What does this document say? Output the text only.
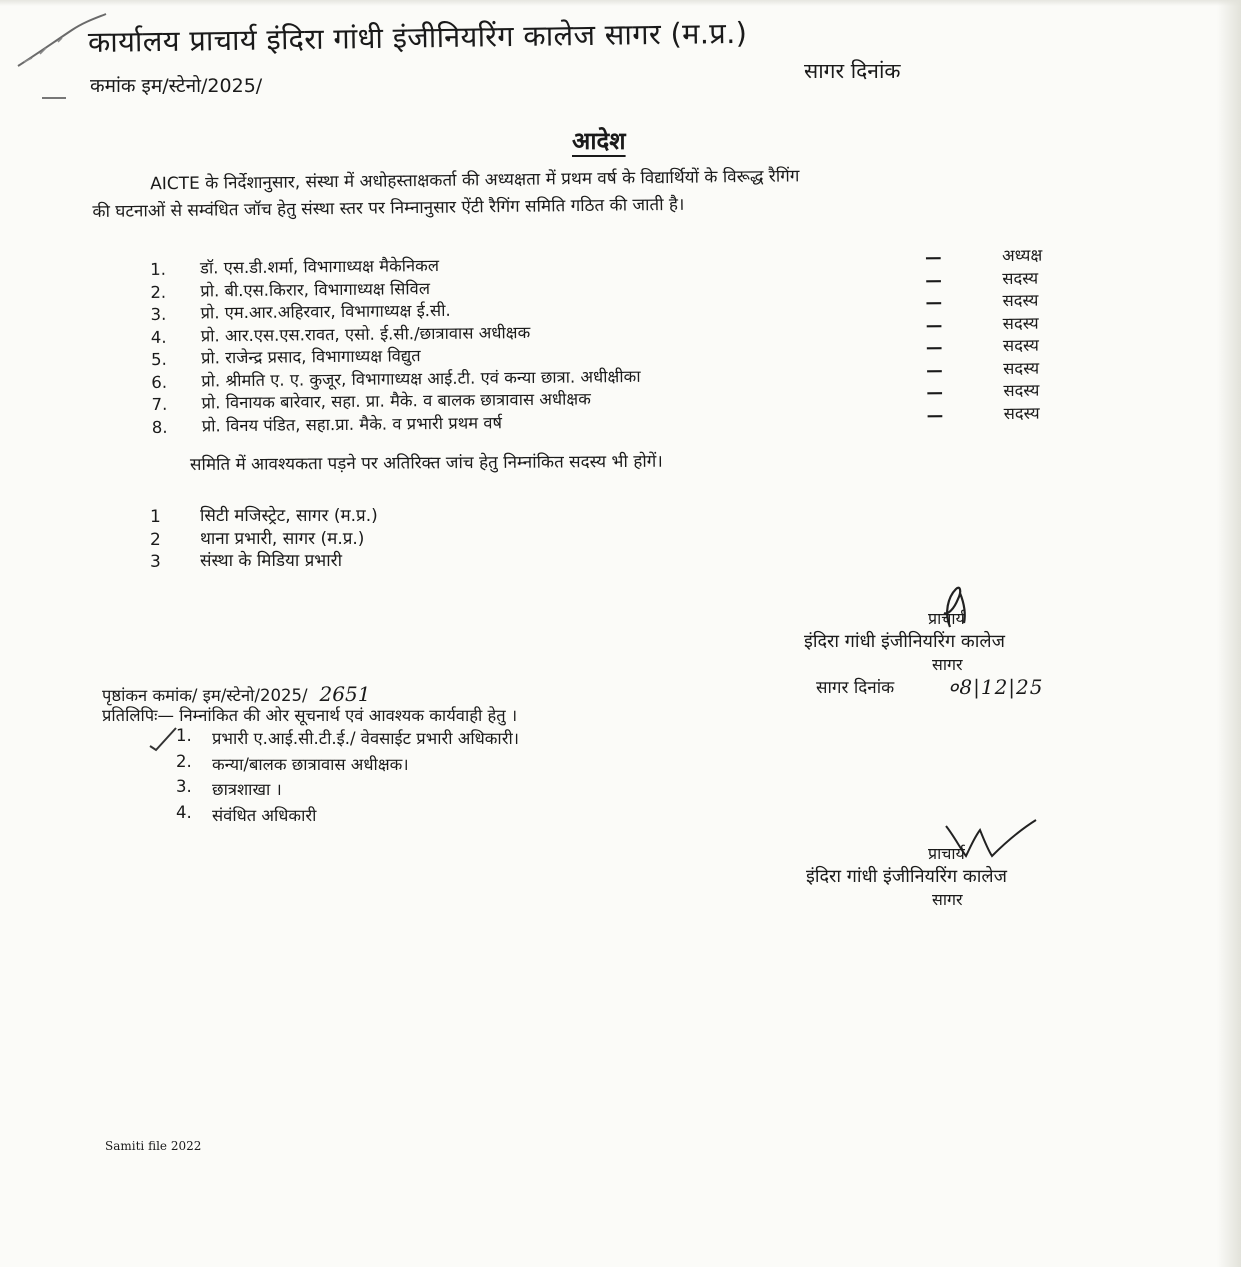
कार्यालय प्राचार्य इंदिरा गांधी इंजीनियरिंग कालेज सागर (म.प्र.)
कमांक इम/स्टेनो/2025/
सागर दिनांक
आदेश

AICTE के निर्देशानुसार, संस्था में अधोहस्ताक्षकर्ता की अध्यक्षता में प्रथम वर्ष के विद्यार्थियों के विरूद्ध रैगिंग

की घटनाओं से सम्वंधित जॉच हेतु संस्था स्तर पर निम्नानुसार ऐंटी रैगिंग समिति गठित की जाती है।

1.	डॉ. एस.डी.शर्मा, विभागाध्यक्ष मैकेनिकल	—	अध्यक्ष
2.	प्रो. बी.एस.किरार, विभागाध्यक्ष सिविल	—	सदस्य
3.	प्रो. एम.आर.अहिरवार, विभागाध्यक्ष ई.सी.	—	सदस्य
4.	प्रो. आर.एस.एस.रावत, एसो. ई.सी./छात्रावास अधीक्षक	—	सदस्य
5.	प्रो. राजेन्द्र प्रसाद, विभागाध्यक्ष विद्युत	—	सदस्य
6.	प्रो. श्रीमति ए. ए. कुजूर, विभागाध्यक्ष आई.टी. एवं कन्या छात्रा. अधीक्षीका	—	सदस्य
7.	प्रो. विनायक बारेवार, सहा. प्रा. मैके. व बालक छात्रावास अधीक्षक	—	सदस्य
8.	प्रो. विनय पंडित, सहा.प्रा. मैके. व प्रभारी प्रथम वर्ष	—	सदस्य
समिति में आवश्यकता पड़ने पर अतिरिक्त जांच हेतु निम्नांकित सदस्य भी होगें।
1 सिटी मजिस्ट्रेट, सागर (म.प्र.)
2 थाना प्रभारी, सागर (म.प्र.)
3 संस्था के मिडिया प्रभारी
प्राचार्य
इंदिरा गांधी इंजीनियरिंग कालेज
सागर
सागर दिनांक	०8|12|25
पृष्ठांकन कमांक/ इम/स्टेनो/2025/ 2651
प्रतिलिपिः— निम्नांकित की ओर सूचनार्थ एवं आवश्यक कार्यवाही हेतु ।
1. प्रभारी ए.आई.सी.टी.ई./ वेवसाईट प्रभारी अधिकारी।
2. कन्या/बालक छात्रावास अधीक्षक।
3. छात्रशाखा ।
4. संवंधित अधिकारी
प्राचार्य
इंदिरा गांधी इंजीनियरिंग कालेज
सागर
Samiti file 2022
